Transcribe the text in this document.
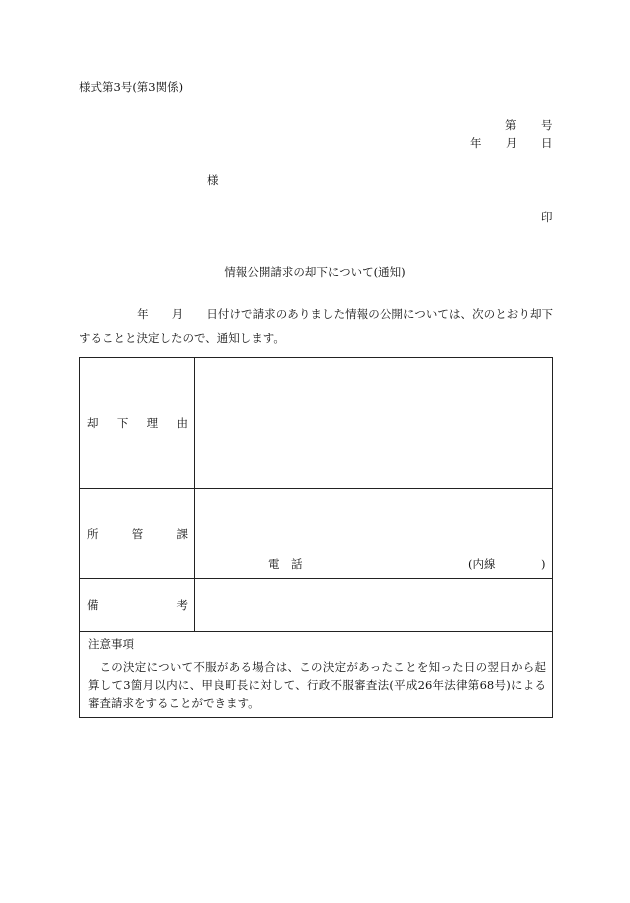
様式第3号(第3関係)
第 号
年 月 日
様
印
情報公開請求の却下について(通知)
年 月 日付けで請求のありました情報の公開については、次のとおり却下することと決定したので、通知します。
却 下 理 由
所	管	課
電　話	(内線	)
備	考
注意事項
この決定について不服がある場合は、この決定があったことを知った日の翌日から起算して3箇月以内に、甲良町長に対して、行政不服審査法(平成26年法律第68号)による審査請求をすることができます。
